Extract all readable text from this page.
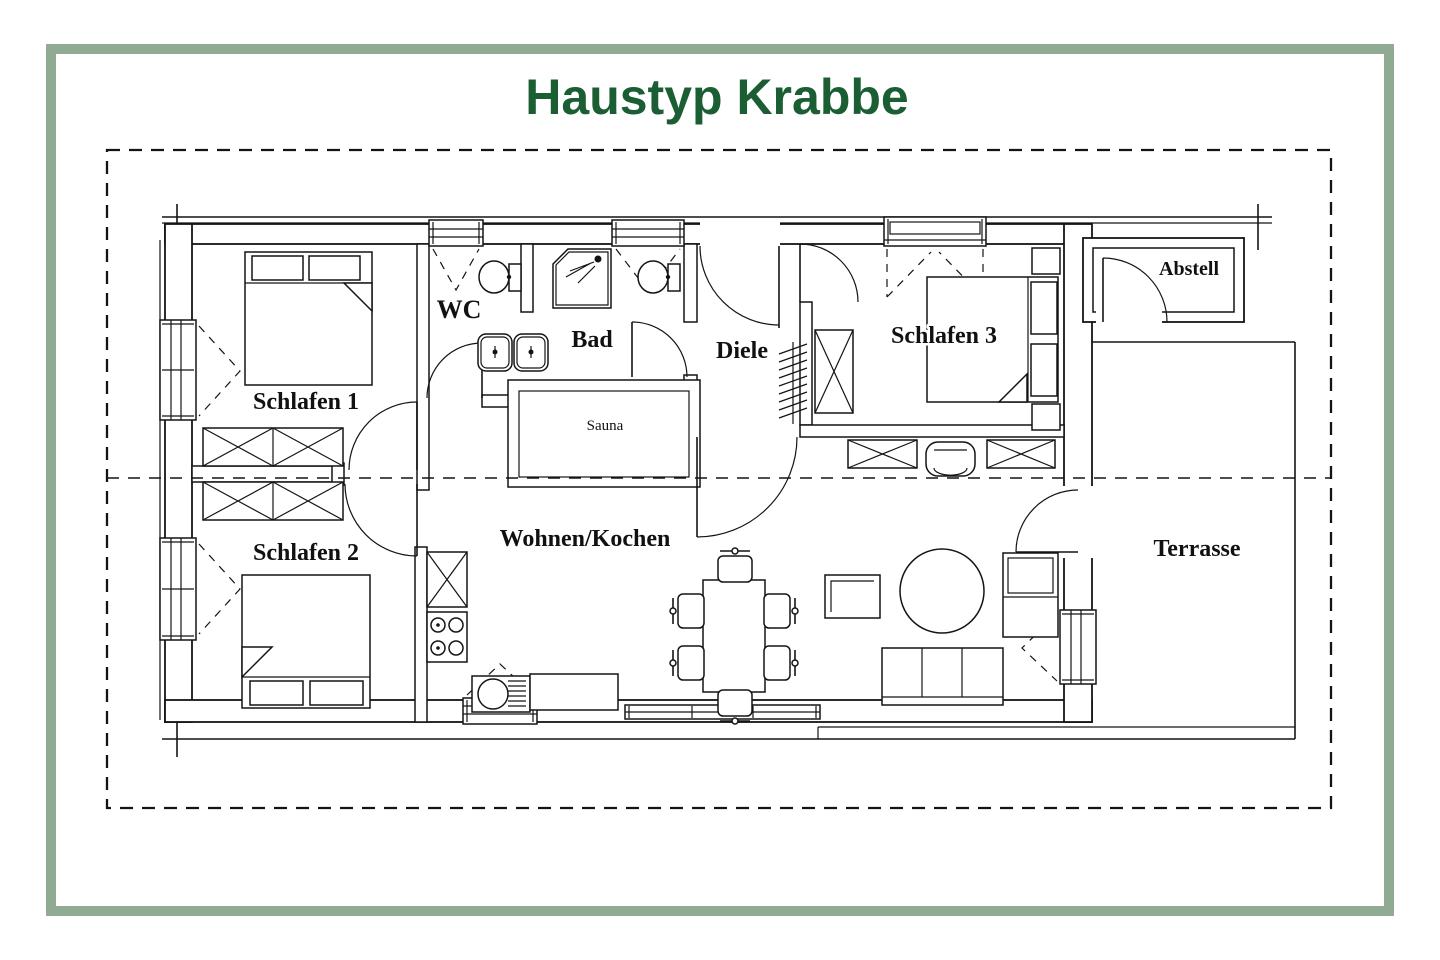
Haustyp Krabbe
Schlafen 1
WC
Bad
Sauna
Diele
Schlafen 3
Abstell
Schlafen 2
Wohnen/Kochen	Terrasse
